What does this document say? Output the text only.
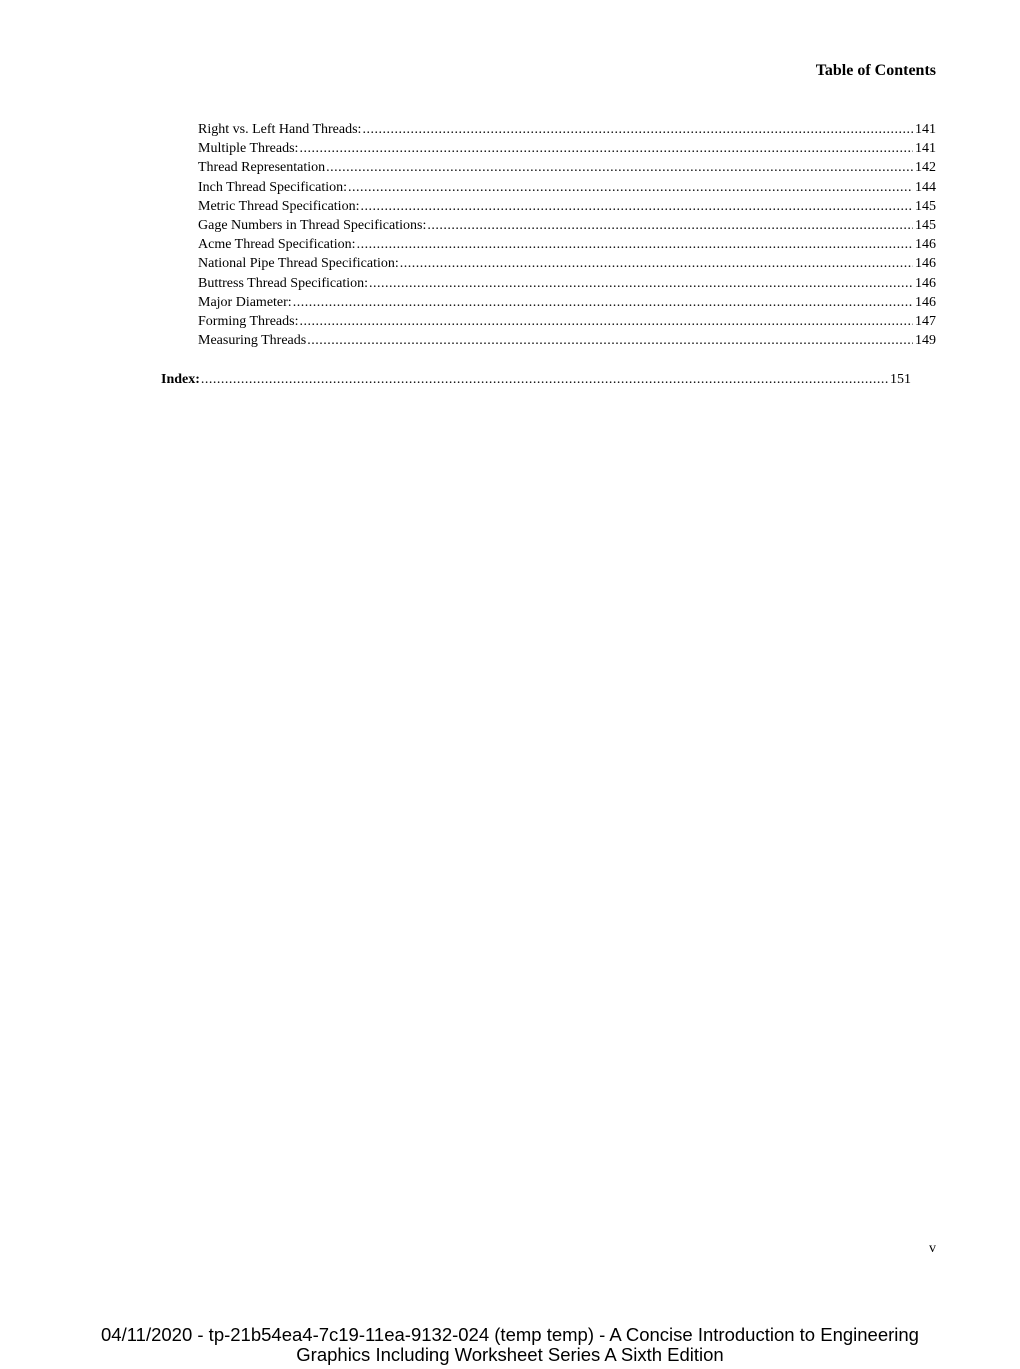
Table of Contents
Right vs. Left Hand Threads: .....	141
Multiple Threads: .....	141
Thread Representation .....	142
Inch Thread Specification: .....	144
Metric Thread Specification: .....	145
Gage Numbers in Thread Specifications: .....	145
Acme Thread Specification: .....	146
National Pipe Thread Specification: .....	146
Buttress Thread Specification: .....	146
Major Diameter: .....	146
Forming Threads: .....	147
Measuring Threads .....	149
Index: .....	151
v
04/11/2020 - tp-21b54ea4-7c19-11ea-9132-024 (temp temp) - A Concise Introduction to Engineering
Graphics Including Worksheet Series A Sixth Edition
